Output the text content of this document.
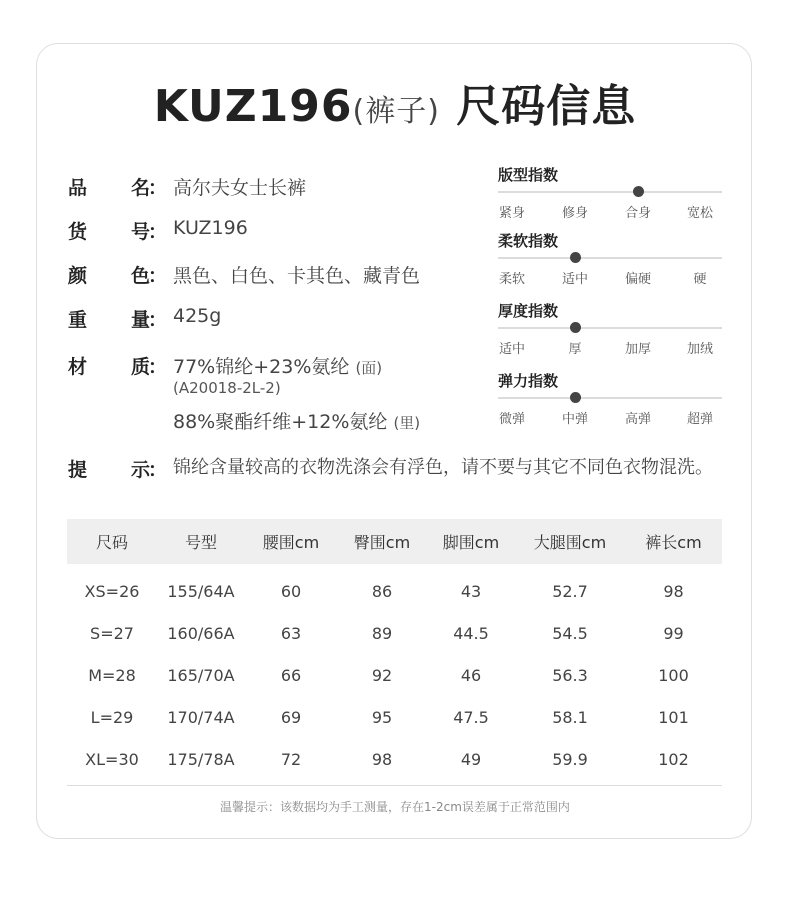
KUZ196(裤子) 尺码信息
品 名
： 高尔夫女士长裤
货 号
： KUZ196
颜 色
： 黑色、白色、卡其色、藏青色
重 量
： 425g
材 质
： 77%锦纶+23%氨纶 (面)
(A20018-2L-2)
88%聚酯纤维+12%氨纶 (里)
版型指数
紧身	修身	合身	宽松
柔软指数
柔软	适中	偏硬	硬
厚度指数
适中	厚	加厚	加绒
弹力指数
微弹	中弹	高弹	超弹
提 示
： 锦纶含量较高的衣物洗涤会有浮色，请不要与其它不同色衣物混洗。
尺码	号型	腰围cm	臀围cm	脚围cm	大腿围cm	裤长cm
XS=26	155/64A	60	86	43	52.7	98
S=27	160/66A	63	89	44.5	54.5	99
M=28	165/70A	66	92	46	56.3	100
L=29	170/74A	69	95	47.5	58.1	101
XL=30	175/78A	72	98	49	59.9	102
温馨提示：该数据均为手工测量，存在1-2cm误差属于正常范围内
